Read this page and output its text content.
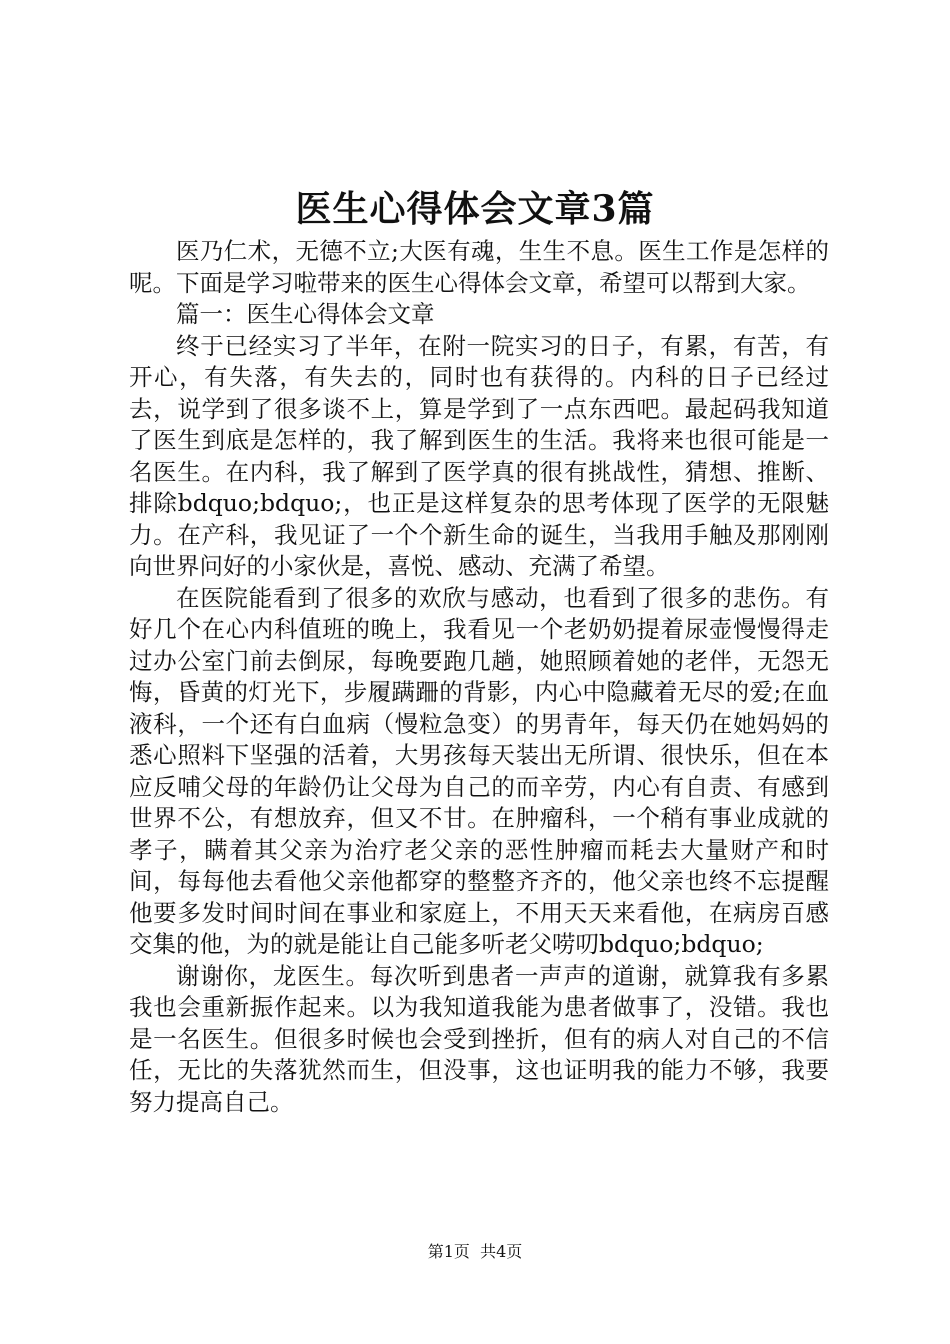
医生心得体会文章3篇

医乃仁术，无德不立;大医有魂，生生不息。医生工作是怎样的呢。下面是学习啦带来的医生心得体会文章，希望可以帮到大家。

篇一：医生心得体会文章

终于已经实习了半年，在附一院实习的日子，有累，有苦，有开心，有失落，有失去的，同时也有获得的。内科的日子已经过去，说学到了很多谈不上，算是学到了一点东西吧。最起码我知道了医生到底是怎样的，我了解到医生的生活。我将来也很可能是一名医生。在内科，我了解到了医学真的很有挑战性，猜想、推断、排除bdquo;bdquo;，也正是这样复杂的思考体现了医学的无限魅力。在产科，我见证了一个个新生命的诞生，当我用手触及那刚刚向世界问好的小家伙是，喜悦、感动、充满了希望。

在医院能看到了很多的欢欣与感动，也看到了很多的悲伤。有好几个在心内科值班的晚上，我看见一个老奶奶提着尿壶慢慢得走过办公室门前去倒尿，每晚要跑几趟，她照顾着她的老伴，无怨无悔，昏黄的灯光下，步履蹒跚的背影，内心中隐藏着无尽的爱;在血液科，一个还有白血病（慢粒急变）的男青年，每天仍在她妈妈的悉心照料下坚强的活着，大男孩每天装出无所谓、很快乐，但在本应反哺父母的年龄仍让父母为自己的而辛劳，内心有自责、有感到世界不公，有想放弃，但又不甘。在肿瘤科，一个稍有事业成就的孝子，瞒着其父亲为治疗老父亲的恶性肿瘤而耗去大量财产和时间，每每他去看他父亲他都穿的整整齐齐的，他父亲也终不忘提醒他要多发时间时间在事业和家庭上，不用天天来看他，在病房百感交集的他，为的就是能让自己能多听老父唠叨bdquo;bdquo;

谢谢你，龙医生。每次听到患者一声声的道谢，就算我有多累我也会重新振作起来。以为我知道我能为患者做事了，没错。我也是一名医生。但很多时候也会受到挫折，但有的病人对自己的不信任，无比的失落犹然而生，但没事，这也证明我的能力不够，我要努力提高自己。

第1页  共4页
